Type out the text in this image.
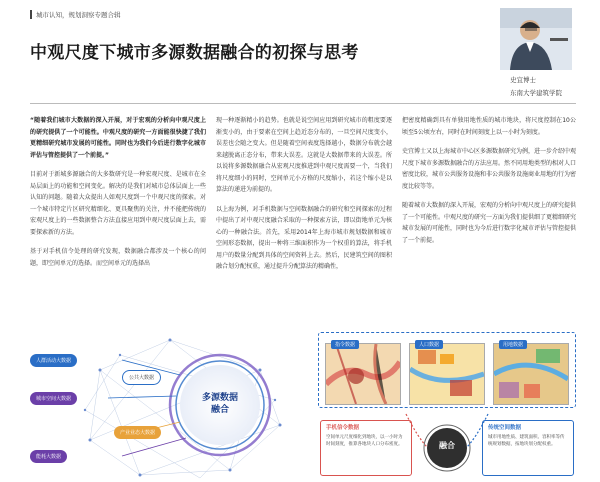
城市认知，规划洞察专题合辑
中观尺度下城市多源数据融合的初探与思考
史宜博士
东南大学建筑学院

“随着我们城市大数据的深入开展，对于宏观的分析向中观尺度上的研究提供了一个可能性。中观尺度的研究一方面能很快捷了我们更精细研究城市发展的可能性。同时也为我们今后进行数字化城市评估与管控提供了一个前提。”

目前对于新城多源融合的大多数研究是一种宏观尺度、是城市在全局层面上的功能和空间变化。解决的是我们对城市总体层面上一些认知的问题。随着大众提出人如观尺度到一个中观尺度的探索。对一个城市特定片区研究精细化、更具聚焦的关注，并不能把传统的宏观尺度上的一些数据整合方法直接应用到中观尺度层面上去，需要探索新的方法。

基于对手机信令处理的研究发现，数据融合都涉及一个核心的问题，即空间单元的选择。而空间单元的选择出

现一种逐渐精小的趋势。也就是说空间应用到研究城市的粗度要逐渐变小的，由于要素在空间上趋近态分布的，一旦空间尺度变小，误差也会随之变大。但是随着空间表度选择越小，数据分布就会越来越脱离正态分布，带来大误差。这就是大数据带来的大误差。所以说将多源数据融合从宏观尺度推进到中观尺度需要一个，当我们将尺度细小的同时，空间单元小方格的尺度缩小，若这个缩小是以算法的递进为前提的。

以上海为例，对手机数据与空间数据融合的研究和空间探索的过程中提出了对中观尺度融合采取的一种探索方法，即以街地单元为核心的一种融合法。首先，采用2014年上海市城市规划数据和城市空间形态数据，提出一种将三维面积作为一个权重的算法，将手机用户的数量分配到具体的空间资料上去。然后，民建筑空间的图积融合划分配权重，通过提升分配算法的精确性，

把密度精确到具有单独用地性质的城市地块，将尺度控制在10公顷至5公顷左右，同时在时间刻度上以一小时为刻度。

史宜博士又以上海城市中心区多源数据研究为例，进一步介绍中观尺度下城市多源数据融合的方法应用。然不同用地类型的相对人口密度比较，城市公共服务设施和非公共服务设施商业用地的行为密度比较等等。

随着城市大数据的深入开展，宏观的分析向中观尺度上的研究提供了一个可能性。中观尺度的研究一方面为我们提供细了更精细研究城市发展的可能性，同时也为今后进行数字化城市评估与管控提供了一个前提。

多源数据融合
人群活动大数据
公共大数据
城市空间大数据
产业业态大数据
能耗大数据
指令数据	人口数据	用地数据
融合
手机信令数据
空间单元尺度细化到地块，以一小时为时间刻度，推算各地块人口分布密度。
传统空间数据
城市用地性质、建筑面积、容积率等传统规划数据，按地块划分配权重。
